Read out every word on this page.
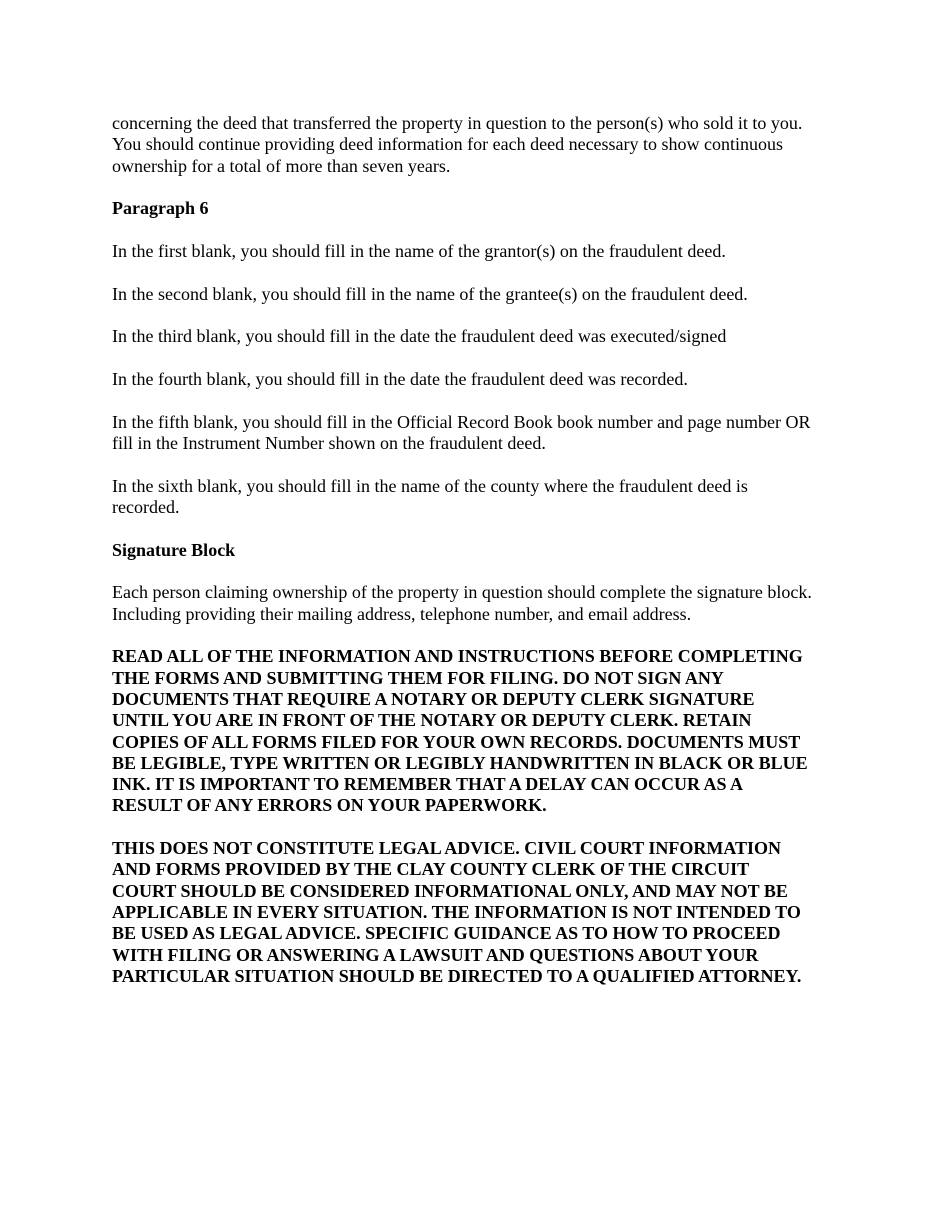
concerning the deed that transferred the property in question to the person(s) who sold it to you.
You should continue providing deed information for each deed necessary to show continuous
ownership for a total of more than seven years.
Paragraph 6
In the first blank, you should fill in the name of the grantor(s) on the fraudulent deed.
In the second blank, you should fill in the name of the grantee(s) on the fraudulent deed.
In the third blank, you should fill in the date the fraudulent deed was executed/signed
In the fourth blank, you should fill in the date the fraudulent deed was recorded.
In the fifth blank, you should fill in the Official Record Book book number and page number OR
fill in the Instrument Number shown on the fraudulent deed.
In the sixth blank, you should fill in the name of the county where the fraudulent deed is
recorded.
Signature Block
Each person claiming ownership of the property in question should complete the signature block.
Including providing their mailing address, telephone number, and email address.
READ ALL OF THE INFORMATION AND INSTRUCTIONS BEFORE COMPLETING
THE FORMS AND SUBMITTING THEM FOR FILING. DO NOT SIGN ANY
DOCUMENTS THAT REQUIRE A NOTARY OR DEPUTY CLERK SIGNATURE
UNTIL YOU ARE IN FRONT OF THE NOTARY OR DEPUTY CLERK. RETAIN
COPIES OF ALL FORMS FILED FOR YOUR OWN RECORDS. DOCUMENTS MUST
BE LEGIBLE, TYPE WRITTEN OR LEGIBLY HANDWRITTEN IN BLACK OR BLUE
INK. IT IS IMPORTANT TO REMEMBER THAT A DELAY CAN OCCUR AS A
RESULT OF ANY ERRORS ON YOUR PAPERWORK.
THIS DOES NOT CONSTITUTE LEGAL ADVICE. CIVIL COURT INFORMATION
AND FORMS PROVIDED BY THE CLAY COUNTY CLERK OF THE CIRCUIT
COURT SHOULD BE CONSIDERED INFORMATIONAL ONLY, AND MAY NOT BE
APPLICABLE IN EVERY SITUATION. THE INFORMATION IS NOT INTENDED TO
BE USED AS LEGAL ADVICE. SPECIFIC GUIDANCE AS TO HOW TO PROCEED
WITH FILING OR ANSWERING A LAWSUIT AND QUESTIONS ABOUT YOUR
PARTICULAR SITUATION SHOULD BE DIRECTED TO A QUALIFIED ATTORNEY.
